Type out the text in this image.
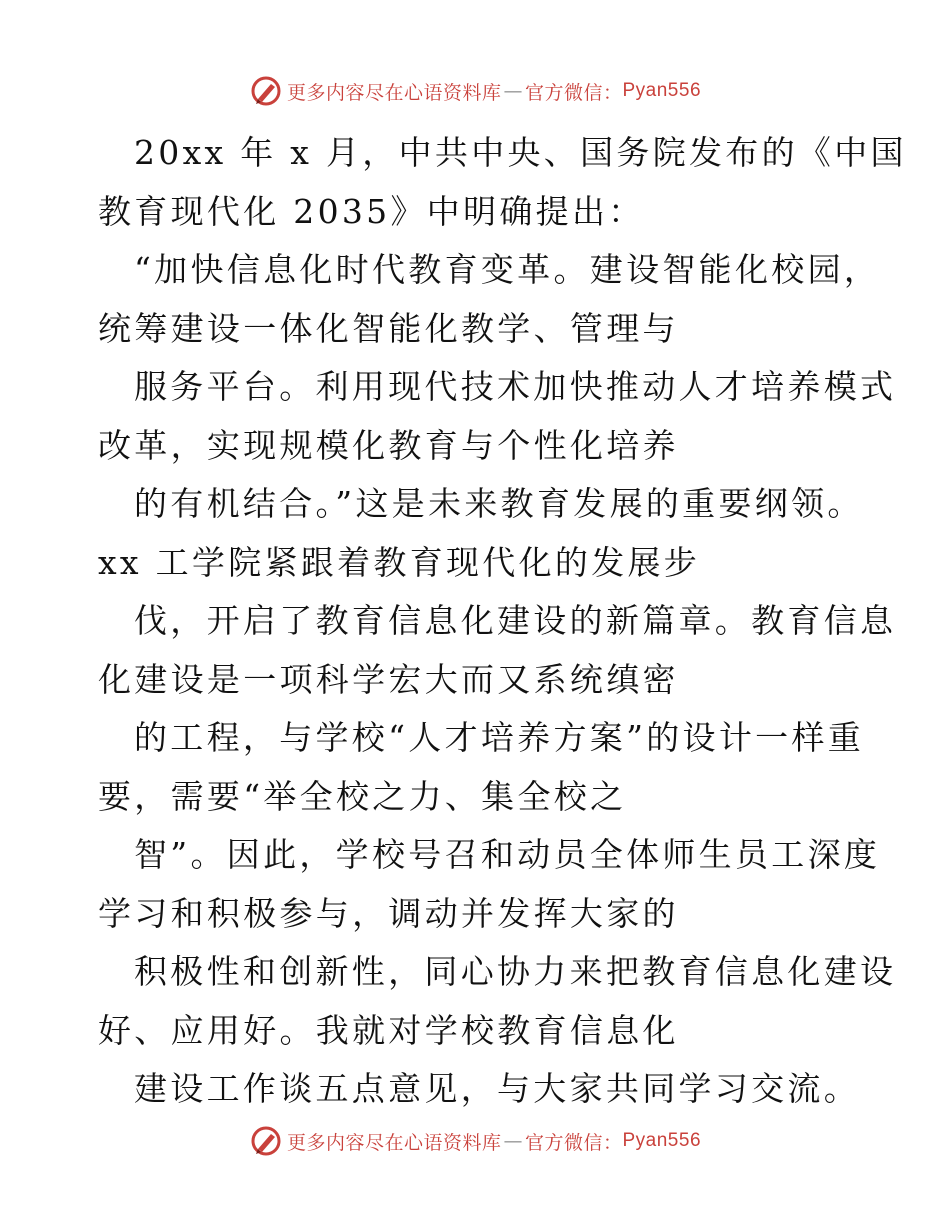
更多内容尽在心语资料库 — 官方微信： Pyan556
20xx 年 x 月，中共中央、国务院发布的《中国
教育现代化 2035》中明确提出：
“加快信息化时代教育变革。建设智能化校园，
统筹建设一体化智能化教学、管理与
服务平台。利用现代技术加快推动人才培养模式
改革，实现规模化教育与个性化培养
的有机结合。”这是未来教育发展的重要纲领。
xx 工学院紧跟着教育现代化的发展步
伐，开启了教育信息化建设的新篇章。教育信息
化建设是一项科学宏大而又系统缜密
的工程，与学校“人才培养方案”的设计一样重
要，需要“举全校之力、集全校之
智”。因此，学校号召和动员全体师生员工深度
学习和积极参与，调动并发挥大家的
积极性和创新性，同心协力来把教育信息化建设
好、应用好。我就对学校教育信息化
建设工作谈五点意见，与大家共同学习交流。
更多内容尽在心语资料库 — 官方微信： Pyan556
